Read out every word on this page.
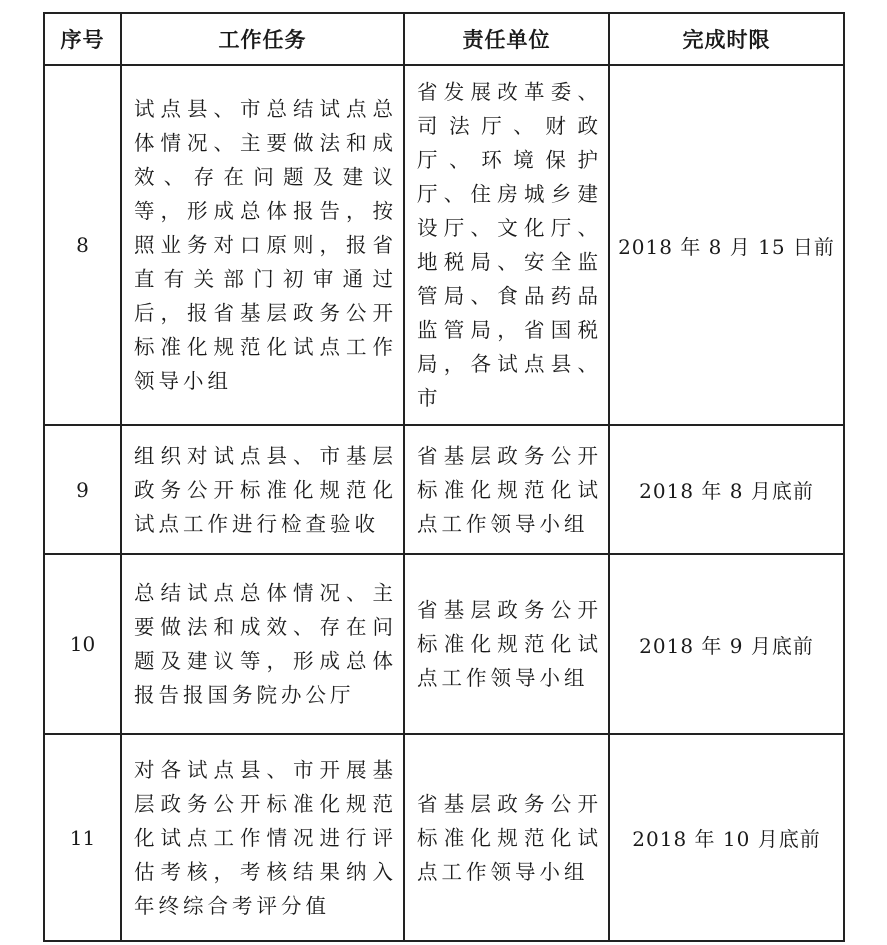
序号	工作任务	责任单位	完成时限
8	试点县、市总结试点总体情况、主要做法和成效、存在问题及建议等，形成总体报告，按照业务对口原则，报省直有关部门初审通过后，报省基层政务公开标准化规范化试点工作领导小组	省发展改革委、司法厅、财政厅、环境保护厅、住房城乡建设厅、文化厅、地税局、安全监管局、食品药品监管局，省国税局，各试点县、市	2018 年 8 月 15 日前
9	组织对试点县、市基层政务公开标准化规范化试点工作进行检查验收	省基层政务公开标准化规范化试点工作领导小组	2018 年 8 月底前
10	总结试点总体情况、主要做法和成效、存在问题及建议等，形成总体报告报国务院办公厅	省基层政务公开标准化规范化试点工作领导小组	2018 年 9 月底前
11	对各试点县、市开展基层政务公开标准化规范化试点工作情况进行评估考核，考核结果纳入年终综合考评分值	省基层政务公开标准化规范化试点工作领导小组	2018 年 10 月底前
